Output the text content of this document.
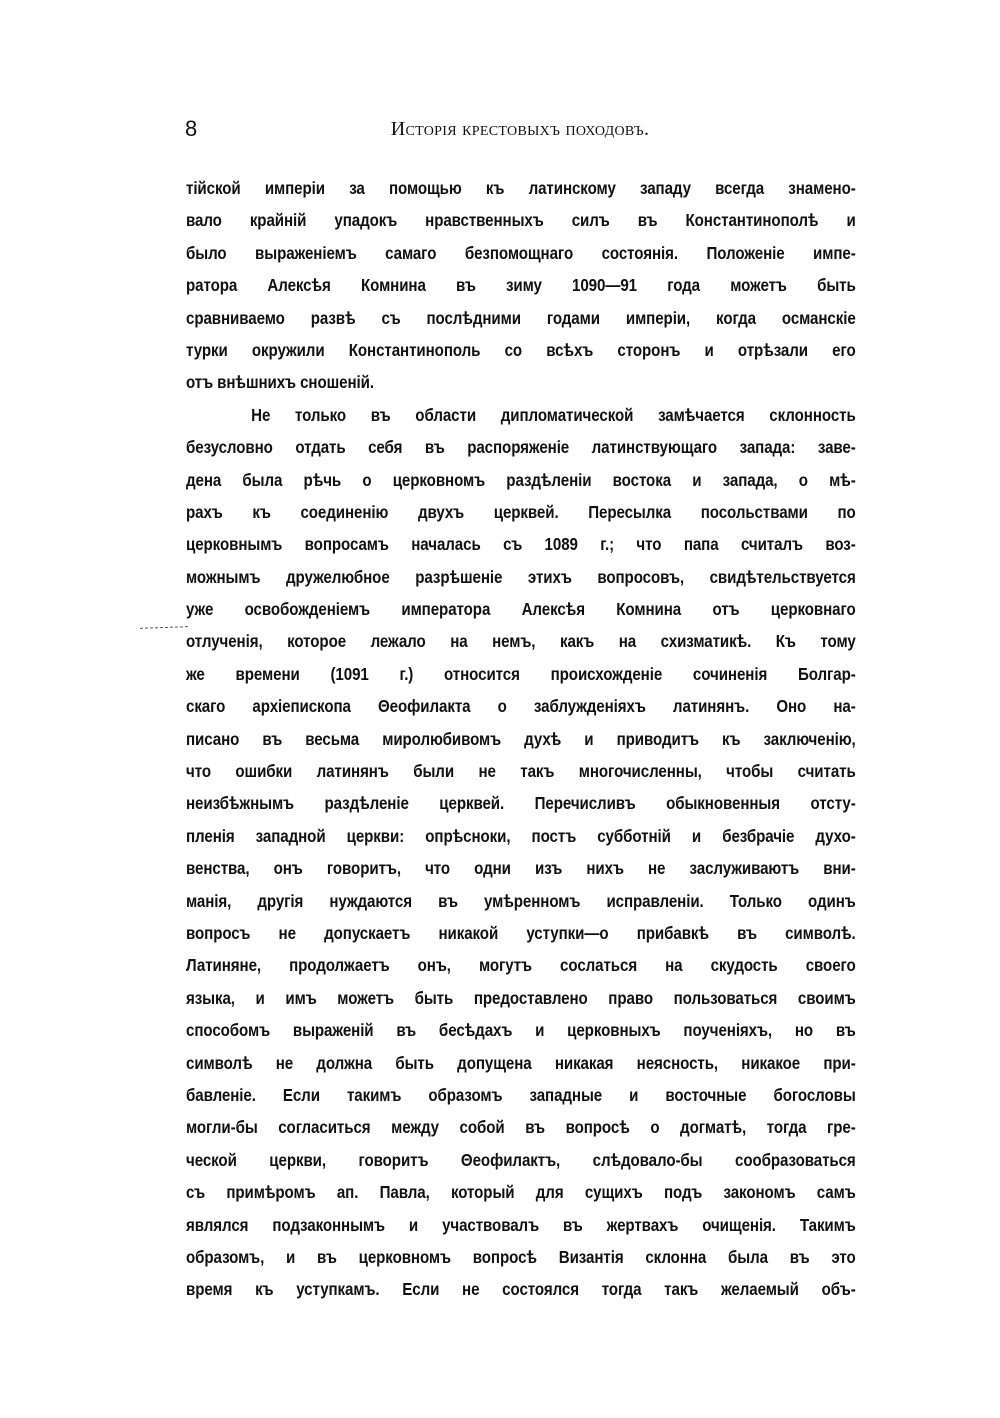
8	Исторія крестовыхъ походовъ.
тійской имперіи за помощью къ латинскому западу всегда знамено-
вало крайній упадокъ нравственныхъ силъ въ Константинополѣ и
было выраженіемъ самаго безпомощнаго состоянія. Положеніе импе-
ратора Алексѣя Комнина въ зиму 1090—91 года можетъ быть
сравниваемо развѣ съ послѣдними годами имперіи, когда османскіе
турки окружили Константинополь со всѣхъ сторонъ и отрѣзали его
отъ внѣшнихъ сношеній.
Не только въ области дипломатической замѣчается склонность
безусловно отдать себя въ распоряженіе латинствующаго запада: заве-
дена была рѣчь о церковномъ раздѣленіи востока и запада, о мѣ-
рахъ къ соединенію двухъ церквей. Пересылка посольствами по
церковнымъ вопросамъ началась съ 1089 г.; что папа считалъ воз-
можнымъ дружелюбное разрѣшеніе этихъ вопросовъ, свидѣтельствуется
уже освобожденіемъ императора Алексѣя Комнина отъ церковнаго
отлученія, которое лежало на немъ, какъ на схизматикѣ. Къ тому
же времени (1091 г.) относится происхожденіе сочиненія Болгар-
скаго архіепископа Θеофилакта о заблужденіяхъ латинянъ. Оно на-
писано въ весьма миролюбивомъ духѣ и приводитъ къ заключенію,
что ошибки латинянъ были не такъ многочисленны, чтобы считать
неизбѣжнымъ раздѣленіе церквей. Перечисливъ обыкновенныя отсту-
пленія западной церкви: опрѣсноки, постъ субботній и безбрачіе духо-
венства, онъ говоритъ, что одни изъ нихъ не заслуживаютъ вни-
манія, другія нуждаются въ умѣренномъ исправленіи. Только одинъ
вопросъ не допускаетъ никакой уступки—о прибавкѣ въ символѣ.
Латиняне, продолжаетъ онъ, могутъ сослаться на скудость своего
языка, и имъ можетъ быть предоставлено право пользоваться своимъ
способомъ выраженій въ бесѣдахъ и церковныхъ поученіяхъ, но въ
символѣ не должна быть допущена никакая неясность, никакое при-
бавленіе. Если такимъ образомъ западные и восточные богословы
могли-бы согласиться между собой въ вопросѣ о догматѣ, тогда гре-
ческой церкви, говоритъ Θеофилактъ, слѣдовало-бы сообразоваться
съ примѣромъ ап. Павла, который для сущихъ подъ закономъ самъ
являлся подзаконнымъ и участвовалъ въ жертвахъ очищенія. Такимъ
образомъ, и въ церковномъ вопросѣ Византія склонна была въ это
время къ уступкамъ. Если не состоялся тогда такъ желаемый объ-
